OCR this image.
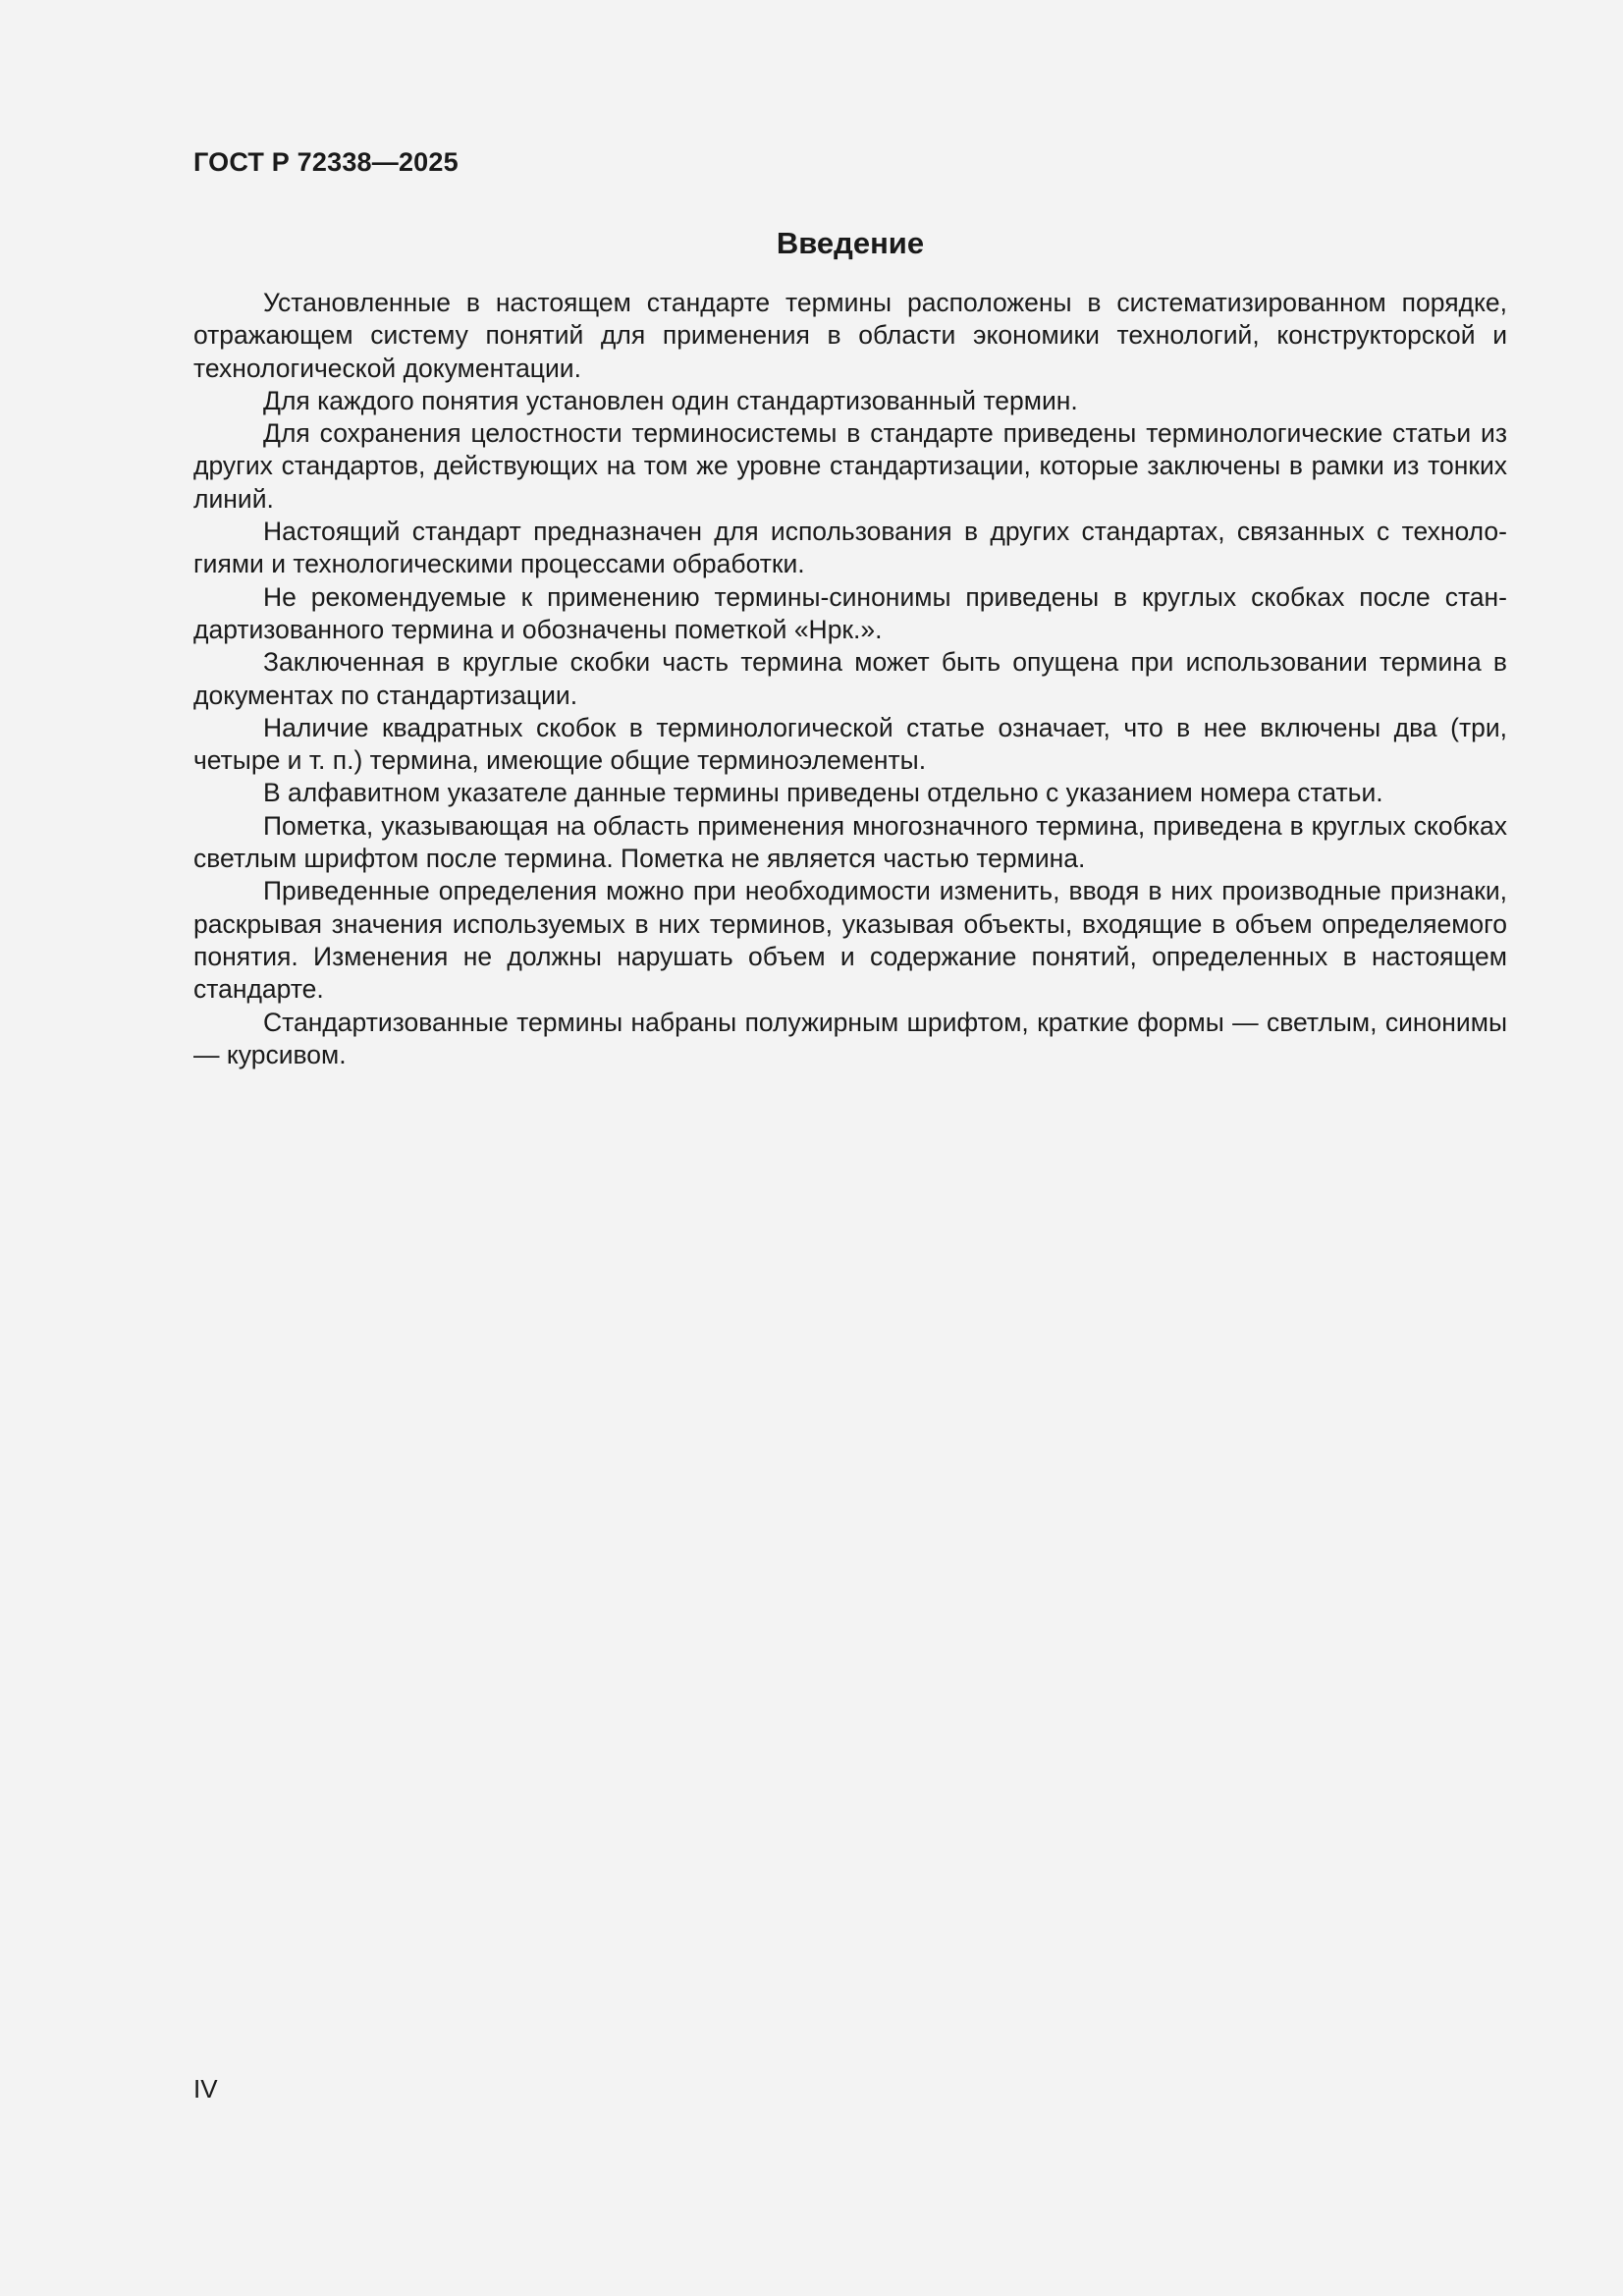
ГОСТ Р 72338—2025
Введение

Установленные в настоящем стандарте термины расположены в систематизированном порядке, отражающем систему понятий для применения в области экономики технологий, конструкторской и технологической документации.

Для каждого понятия установлен один стандартизованный термин.

Для сохранения целостности терминосистемы в стандарте приведены терминологические статьи из других стандартов, действующих на том же уровне стандартизации, которые заключены в рамки из тонких линий.

Настоящий стандарт предназначен для использования в других стандартах, связанных с технологиями и технологическими процессами обработки.

Не рекомендуемые к применению термины-синонимы приведены в круглых скобках после стандартизованного термина и обозначены пометкой «Нрк.».

Заключенная в круглые скобки часть термина может быть опущена при использовании термина в документах по стандартизации.

Наличие квадратных скобок в терминологической статье означает, что в нее включены два (три, четыре и т. п.) термина, имеющие общие терминоэлементы.

В алфавитном указателе данные термины приведены отдельно с указанием номера статьи.

Пометка, указывающая на область применения многозначного термина, приведена в круглых скобках светлым шрифтом после термина. Пометка не является частью термина.

Приведенные определения можно при необходимости изменить, вводя в них производные признаки, раскрывая значения используемых в них терминов, указывая объекты, входящие в объем определяемого понятия. Изменения не должны нарушать объем и содержание понятий, определенных в настоящем стандарте.

Стандартизованные термины набраны полужирным шрифтом, краткие формы — светлым, синонимы — курсивом.

IV
